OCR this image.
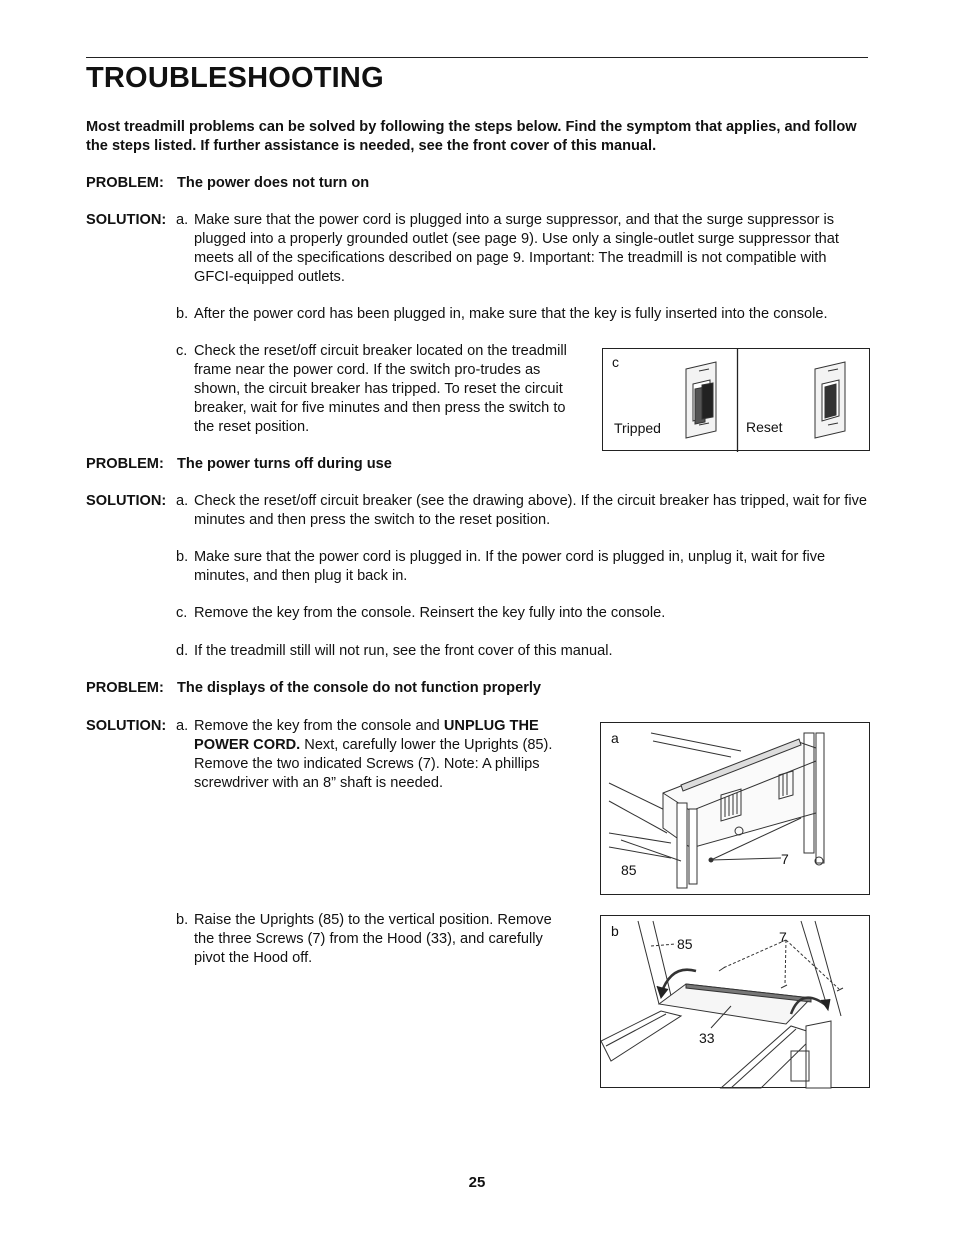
TROUBLESHOOTING
Most treadmill problems can be solved by following the steps below. Find the symptom that applies, and follow the steps listed. If further assistance is needed, see the front cover of this manual.
PROBLEM: The power does not turn on
SOLUTION: a. Make sure that the power cord is plugged into a surge suppressor, and that the surge suppressor is plugged into a properly grounded outlet (see page 9). Use only a single-outlet surge suppressor that meets all of the specifications described on page 9. Important: The treadmill is not compatible with GFCI-equipped outlets.
b. After the power cord has been plugged in, make sure that the key is fully inserted into the console.
c. Check the reset/off circuit breaker located on the treadmill frame near the power cord. If the switch pro-trudes as shown, the circuit breaker has tripped. To reset the circuit breaker, wait for five minutes and then press the switch to the reset position.
c
Tripped	Reset
PROBLEM: The power turns off during use
SOLUTION: a. Check the reset/off circuit breaker (see the drawing above). If the circuit breaker has tripped, wait for five minutes and then press the switch to the reset position.
b. Make sure that the power cord is plugged in. If the power cord is plugged in, unplug it, wait for five minutes, and then plug it back in.
c. Remove the key from the console. Reinsert the key fully into the console.
d. If the treadmill still will not run, see the front cover of this manual.
PROBLEM: The displays of the console do not function properly
SOLUTION: a. Remove the key from the console and UNPLUG THE POWER CORD. Next, carefully lower the Uprights (85). Remove the two indicated Screws (7). Note: A phillips screwdriver with an 8” shaft is needed.
a
85
7
b. Raise the Uprights (85) to the vertical position. Remove the three Screws (7) from the Hood (33), and carefully pivot the Hood off.
b
85	7
33
25
